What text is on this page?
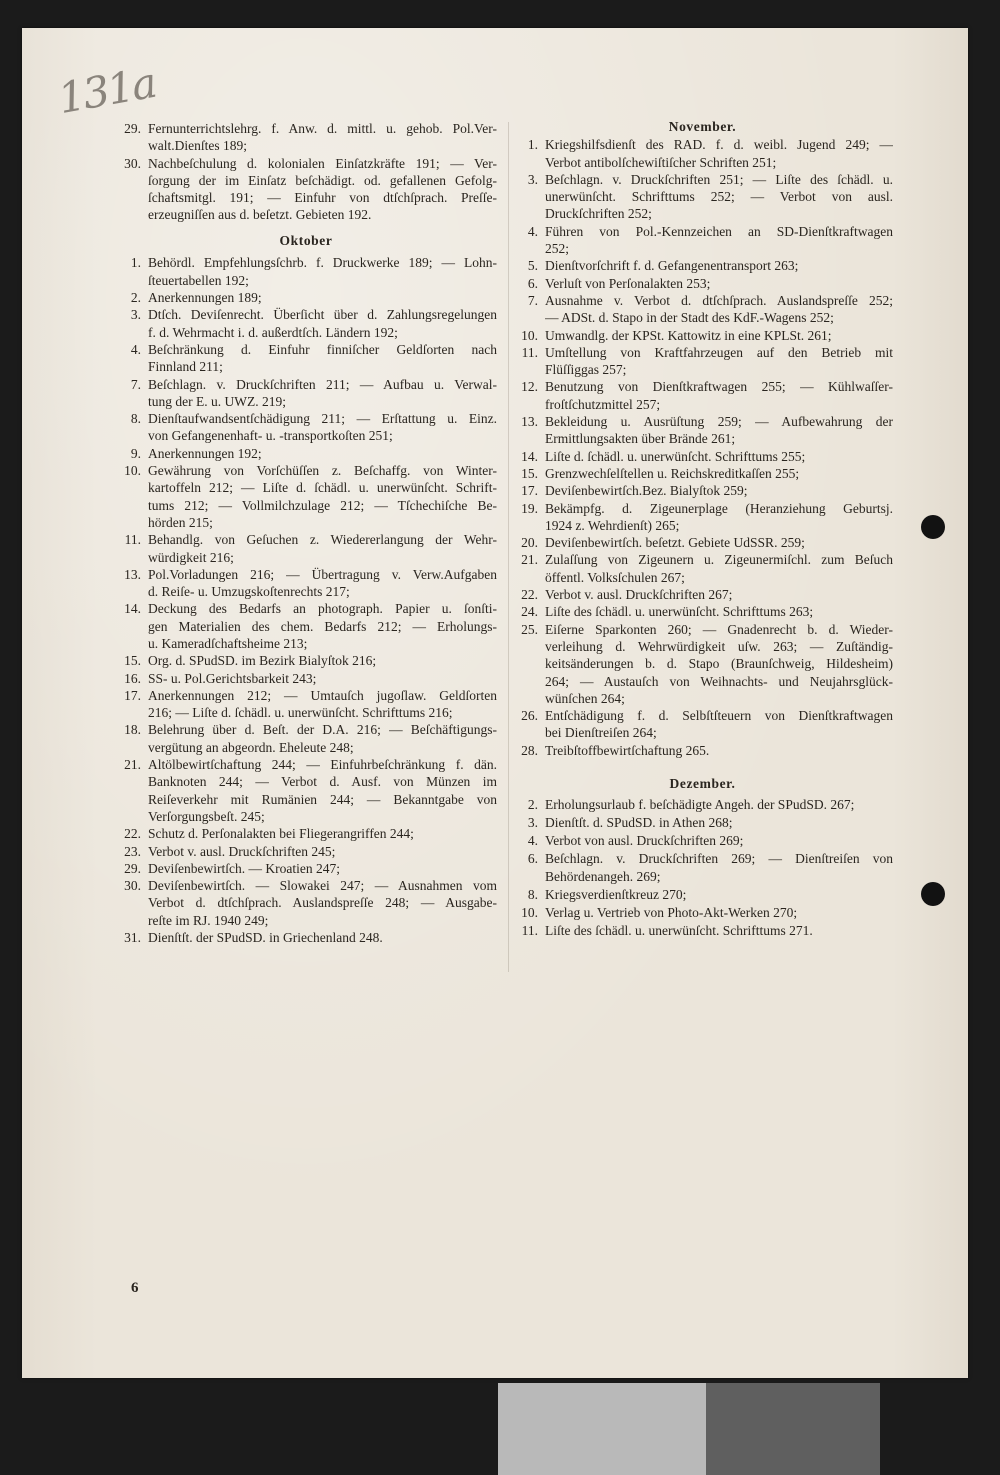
131a
29. Fernunterrichtslehrg. f. Anw. d. mittl. u. gehob. Pol.Ver-
walt.Dienſtes 189;
30. Nachbeſchulung d. kolonialen Einſatzkräfte 191; — Ver-
ſorgung der im Einſatz beſchädigt. od. gefallenen Gefolg-
ſchaftsmitgl. 191; — Einfuhr von dtſchſprach. Preſſe-
erzeugniſſen aus d. beſetzt. Gebieten 192.
Oktober
1. Behördl. Empfehlungsſchrb. f. Druckwerke 189; — Lohn-
ſteuertabellen 192;
2. Anerkennungen 189;
3. Dtſch. Deviſenrecht. Überſicht über d. Zahlungsregelungen
f. d. Wehrmacht i. d. außerdtſch. Ländern 192;
4. Beſchränkung d. Einfuhr finniſcher Geldſorten nach
Finnland 211;
7. Beſchlagn. v. Druckſchriften 211; — Aufbau u. Verwal-
tung der E. u. UWZ. 219;
8. Dienſtaufwandsentſchädigung 211; — Erſtattung u. Einz.
von Gefangenenhaft- u. -transportkoſten 251;
9. Anerkennungen 192;
10. Gewährung von Vorſchüſſen z. Beſchaffg. von Winter-
kartoffeln 212; — Liſte d. ſchädl. u. unerwünſcht. Schrift-
tums 212; — Vollmilchzulage 212; — Tſchechiſche Be-
hörden 215;
11. Behandlg. von Geſuchen z. Wiedererlangung der Wehr-
würdigkeit 216;
13. Pol.Vorladungen 216; — Übertragung v. Verw.Aufgaben
d. Reiſe- u. Umzugskoſtenrechts 217;
14. Deckung des Bedarfs an photograph. Papier u. ſonſti-
gen Materialien des chem. Bedarfs 212; — Erholungs-
u. Kameradſchaftsheime 213;
15. Org. d. SPudSD. im Bezirk Bialyſtok 216;
16. SS- u. Pol.Gerichtsbarkeit 243;
17. Anerkennungen 212; — Umtauſch jugoſlaw. Geldſorten
216; — Liſte d. ſchädl. u. unerwünſcht. Schrifttums 216;
18. Belehrung über d. Beſt. der D.A. 216; — Beſchäftigungs-
vergütung an abgeordn. Eheleute 248;
21. Altölbewirtſchaftung 244; — Einfuhrbeſchränkung f. dän.
Banknoten 244; — Verbot d. Ausf. von Münzen im
Reiſeverkehr mit Rumänien 244; — Bekanntgabe von
Verſorgungsbeſt. 245;
22. Schutz d. Perſonalakten bei Fliegerangriffen 244;
23. Verbot v. ausl. Druckſchriften 245;
29. Deviſenbewirtſch. — Kroatien 247;
30. Deviſenbewirtſch. — Slowakei 247; — Ausnahmen vom
Verbot d. dtſchſprach. Auslandspreſſe 248; — Ausgabe-
reſte im RJ. 1940 249;
31. Dienſtſt. der SPudSD. in Griechenland 248.
November.
1. Kriegshilfsdienſt des RAD. f. d. weibl. Jugend 249; —
Verbot antibolſchewiſtiſcher Schriften 251;
3. Beſchlagn. v. Druckſchriften 251; — Liſte des ſchädl. u.
unerwünſcht. Schrifttums 252; — Verbot von ausl.
Druckſchriften 252;
4. Führen von Pol.-Kennzeichen an SD-Dienſtkraftwagen
252;
5. Dienſtvorſchrift f. d. Gefangenentransport 263;
6. Verluſt von Perſonalakten 253;
7. Ausnahme v. Verbot d. dtſchſprach. Auslandspreſſe 252;
— ADSt. d. Stapo in der Stadt des KdF.-Wagens 252;
10. Umwandlg. der KPSt. Kattowitz in eine KPLSt. 261;
11. Umſtellung von Kraftfahrzeugen auf den Betrieb mit
Flüſſiggas 257;
12. Benutzung von Dienſtkraftwagen 255; — Kühlwaſſer-
froſtſchutzmittel 257;
13. Bekleidung u. Ausrüſtung 259; — Aufbewahrung der
Ermittlungsakten über Brände 261;
14. Liſte d. ſchädl. u. unerwünſcht. Schrifttums 255;
15. Grenzwechſelſtellen u. Reichskreditkaſſen 255;
17. Deviſenbewirtſch.Bez. Bialyſtok 259;
19. Bekämpfg. d. Zigeunerplage (Heranziehung Geburtsj.
1924 z. Wehrdienſt) 265;
20. Deviſenbewirtſch. beſetzt. Gebiete UdSSR. 259;
21. Zulaſſung von Zigeunern u. Zigeunermiſchl. zum Beſuch
öffentl. Volksſchulen 267;
22. Verbot v. ausl. Druckſchriften 267;
24. Liſte des ſchädl. u. unerwünſcht. Schrifttums 263;
25. Eiſerne Sparkonten 260; — Gnadenrecht b. d. Wieder-
verleihung d. Wehrwürdigkeit uſw. 263; — Zuſtändig-
keitsänderungen b. d. Stapo (Braunſchweig, Hildesheim)
264; — Austauſch von Weihnachts- und Neujahrsglück-
wünſchen 264;
26. Entſchädigung f. d. Selbſtſteuern von Dienſtkraftwagen
bei Dienſtreiſen 264;
28. Treibſtoffbewirtſchaftung 265.
Dezember.
2. Erholungsurlaub f. beſchädigte Angeh. der SPudSD. 267;
3. Dienſtſt. d. SPudSD. in Athen 268;
4. Verbot von ausl. Druckſchriften 269;
6. Beſchlagn. v. Druckſchriften 269; — Dienſtreiſen von
Behördenangeh. 269;
8. Kriegsverdienſtkreuz 270;
10. Verlag u. Vertrieb von Photo-Akt-Werken 270;
11. Liſte des ſchädl. u. unerwünſcht. Schrifttums 271.
6
